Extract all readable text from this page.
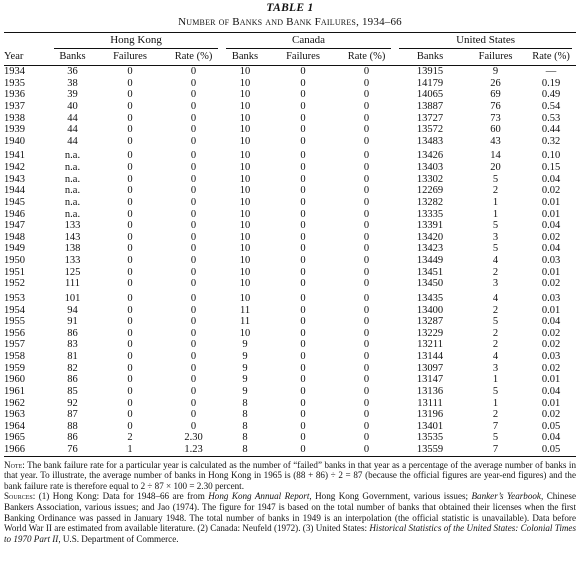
TABLE 1
Number of Banks and Bank Failures, 1934–66

	Hong Kong			Canada			United States		

Year	Banks	Failures	Rate (%)	Banks	Failures	Rate (%)	Banks	Failures	Rate (%)
1934	36	0	0	10	0	0	13915	9	—
1935	38	0	0	10	0	0	14179	26	0.19
1936	39	0	0	10	0	0	14065	69	0.49
1937	40	0	0	10	0	0	13887	76	0.54
1938	44	0	0	10	0	0	13727	73	0.53
1939	44	0	0	10	0	0	13572	60	0.44
1940	44	0	0	10	0	0	13483	43	0.32
1941	n.a.	0	0	10	0	0	13426	14	0.10
1942	n.a.	0	0	10	0	0	13403	20	0.15
1943	n.a.	0	0	10	0	0	13302	5	0.04
1944	n.a.	0	0	10	0	0	12269	2	0.02
1945	n.a.	0	0	10	0	0	13282	1	0.01
1946	n.a.	0	0	10	0	0	13335	1	0.01
1947	133	0	0	10	0	0	13391	5	0.04
1948	143	0	0	10	0	0	13420	3	0.02
1949	138	0	0	10	0	0	13423	5	0.04
1950	133	0	0	10	0	0	13449	4	0.03
1951	125	0	0	10	0	0	13451	2	0.01
1952	111	0	0	10	0	0	13450	3	0.02
1953	101	0	0	10	0	0	13435	4	0.03
1954	94	0	0	11	0	0	13400	2	0.01
1955	91	0	0	11	0	0	13287	5	0.04
1956	86	0	0	10	0	0	13229	2	0.02
1957	83	0	0	9	0	0	13211	2	0.02
1958	81	0	0	9	0	0	13144	4	0.03
1959	82	0	0	9	0	0	13097	3	0.02
1960	86	0	0	9	0	0	13147	1	0.01
1961	85	0	0	9	0	0	13136	5	0.04
1962	92	0	0	8	0	0	13111	1	0.01
1963	87	0	0	8	0	0	13196	2	0.02
1964	88	0	0	8	0	0	13401	7	0.05
1965	86	2	2.30	8	0	0	13535	5	0.04
1966	76	1	1.23	8	0	0	13559	7	0.05

Note: The bank failure rate for a particular year is calculated as the number of “failed” banks in that year as a percentage of the average number of banks in that year. To illustrate, the average number of banks in Hong Kong in 1965 is (88 + 86) ÷ 2 = 87 (because the official figures are year-end figures) and the bank failure rate is therefore equal to 2 ÷ 87 × 100 = 2.30 percent.

Sources: (1) Hong Kong: Data for 1948–66 are from Hong Kong Annual Report, Hong Kong Government, various issues; Banker’s Yearbook, Chinese Bankers Association, various issues; and Jao (1974). The figure for 1947 is based on the total number of banks that obtained their licenses when the first Banking Ordinance was passed in January 1948. The total number of banks in 1949 is an interpolation (the official statistic is unavailable). Data before World War II are estimated from available literature. (2) Canada: Neufeld (1972). (3) United States: Historical Statistics of the United States: Colonial Times to 1970 Part II, U.S. Department of Commerce.
